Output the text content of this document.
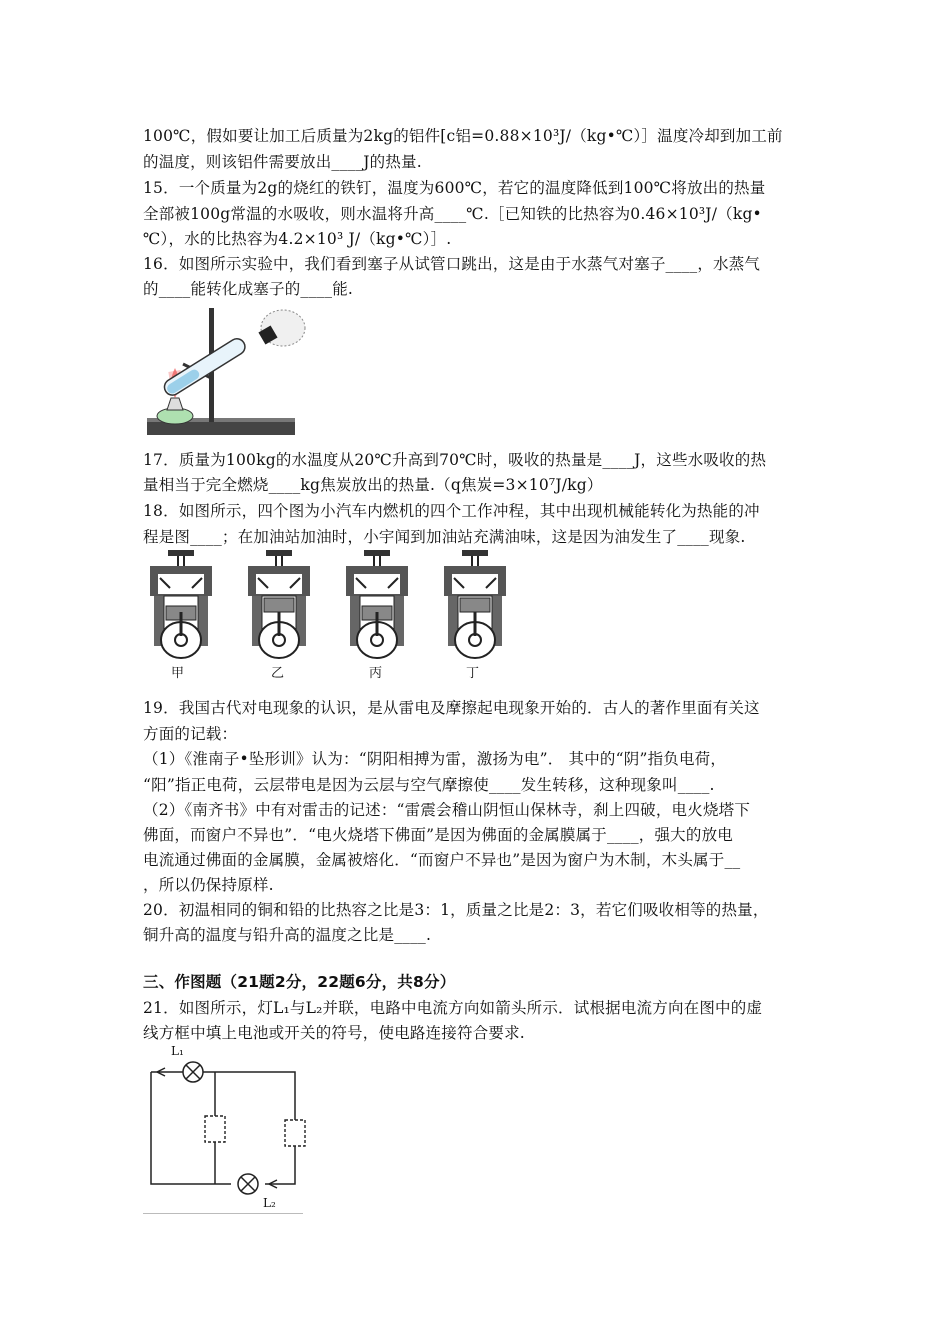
100℃，假如要让加工后质量为2kg的铝件[c铝=0.88×10³J/（kg•℃）］温度冷却到加工前
的温度，则该铝件需要放出____J的热量.
15．一个质量为2g的烧红的铁钉，温度为600℃，若它的温度降低到100℃将放出的热量
全部被100g常温的水吸收，则水温将升高____℃.［已知铁的比热容为0.46×10³J/（kg•
℃），水的比热容为4.2×10³ J/（kg•℃）］.
16．如图所示实验中，我们看到塞子从试管口跳出，这是由于水蒸气对塞子____，水蒸气
的____能转化成塞子的____能.
17．质量为100kg的水温度从20℃升高到70℃时，吸收的热量是____J，这些水吸收的热
量相当于完全燃烧____kg焦炭放出的热量.（q焦炭=3×10⁷J/kg）
18．如图所示，四个图为小汽车内燃机的四个工作冲程，其中出现机械能转化为热能的冲
程是图____；在加油站加油时，小宇闻到加油站充满油味，这是因为油发生了____现象.
甲	乙	丙	丁
19．我国古代对电现象的认识，是从雷电及摩擦起电现象开始的．古人的著作里面有关这
方面的记载：
（1）《淮南子•坠形训》认为：“阴阳相搏为雷，激扬为电”． 其中的“阴”指负电荷，
“阳”指正电荷，云层带电是因为云层与空气摩擦使____发生转移，这种现象叫____.
（2）《南齐书》中有对雷击的记述：“雷震会稽山阴恒山保林寺，刹上四破，电火烧塔下
佛面，而窗户不异也”．“电火烧塔下佛面”是因为佛面的金属膜属于____，强大的放电
电流通过佛面的金属膜，金属被熔化．“而窗户不异也”是因为窗户为木制，木头属于__
，所以仍保持原样.
20．初温相同的铜和铅的比热容之比是3：1，质量之比是2：3，若它们吸收相等的热量，
铜升高的温度与铅升高的温度之比是____.
三、作图题（21题2分，22题6分，共8分）
21．如图所示，灯L₁与L₂并联，电路中电流方向如箭头所示．试根据电流方向在图中的虚
线方框中填上电池或开关的符号，使电路连接符合要求.
L₁
L₂
